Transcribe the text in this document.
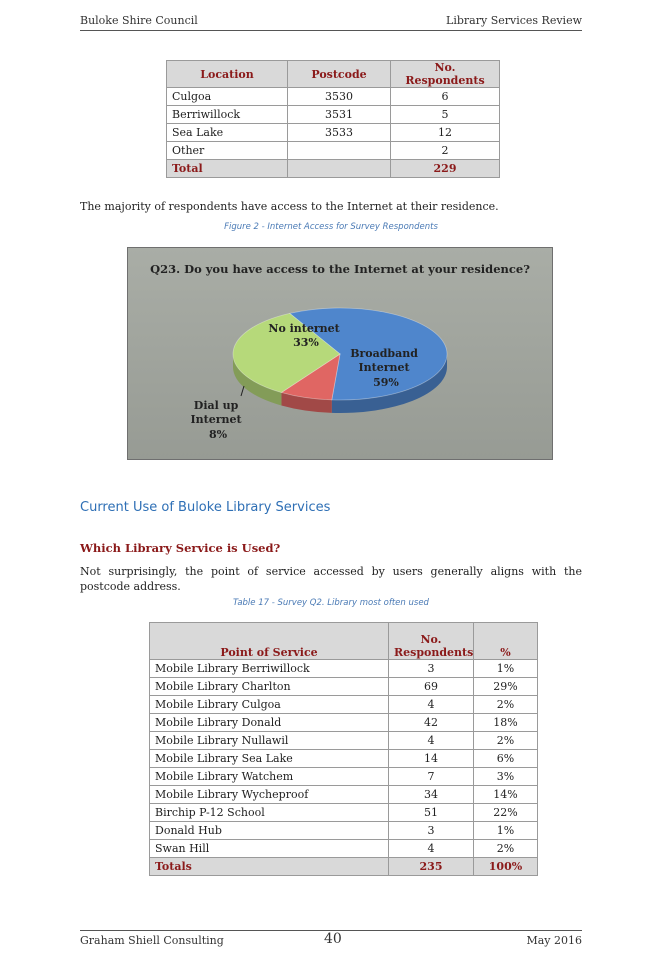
Buloke Shire Council	Library Services Review
Location	Postcode	No. Respondents
Culgoa	3530	6
Berriwillock	3531	5
Sea Lake	3533	12
Other		2
Total		229
The majority of respondents have access to the Internet at their residence.
Figure 2 - Internet Access for Survey Respondents
Q23. Do you have access to the Internet at your residence?
Broadband Internet 59%
Dial up Internet 8%
No internet 33%
Current Use of Buloke Library Services
Which Library Service is Used?
Not surprisingly, the point of service accessed by users generally aligns with the postcode address.
Table 17 - Survey Q2. Library most often used
Point of Service	No. Respondents	%
Mobile Library Berriwillock	3	1%
Mobile Library Charlton	69	29%
Mobile Library Culgoa	4	2%
Mobile Library Donald	42	18%
Mobile Library Nullawil	4	2%
Mobile Library Sea Lake	14	6%
Mobile Library Watchem	7	3%
Mobile Library Wycheproof	34	14%
Birchip P-12 School	51	22%
Donald Hub	3	1%
Swan Hill	4	2%
Totals	235	100%
Graham Shiell Consulting	40	May 2016
